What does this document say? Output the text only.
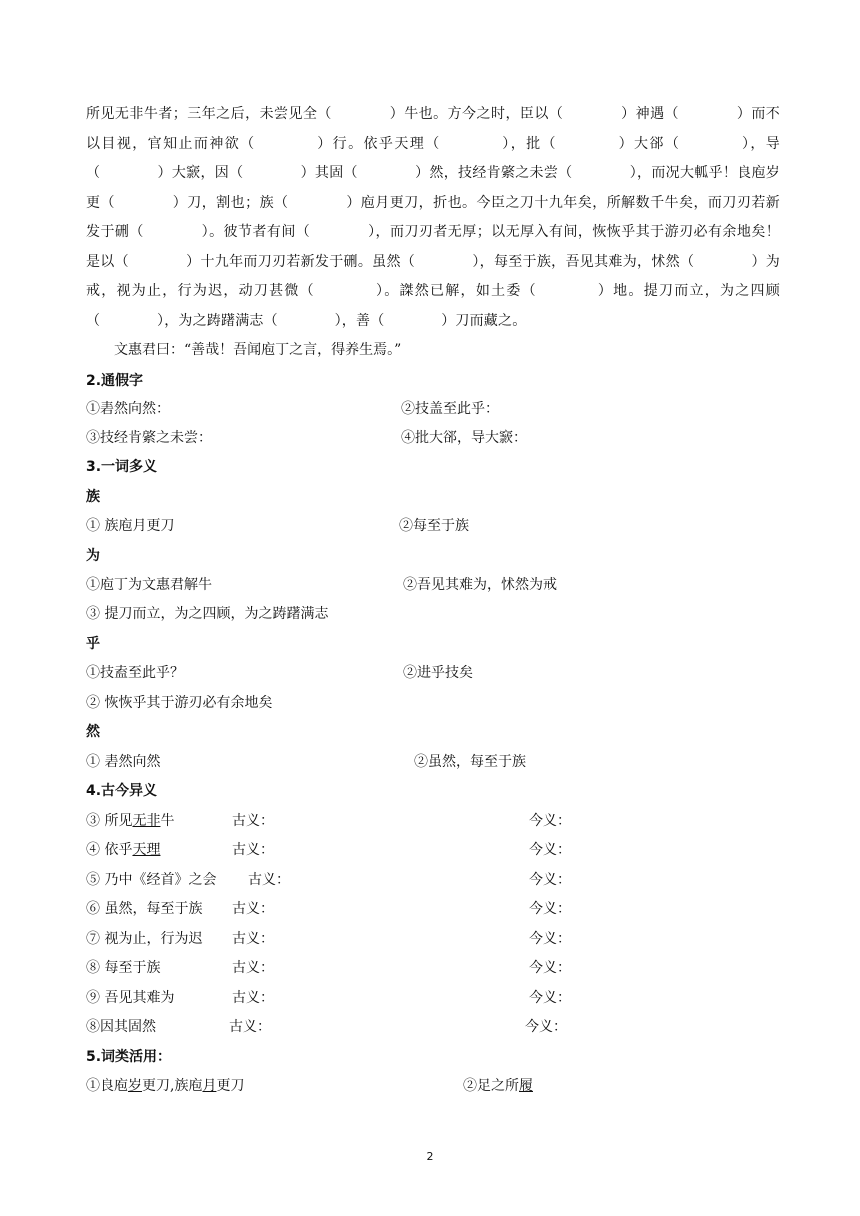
所见无非牛者；三年之后，未尝见全（　　　　）牛也。方今之时，臣以（　　　　）神遇（　　　　）而不以目视，官知止而神欲（　　　　）行。依乎天理（　　　　），批（　　　　）大郤（　　　　），导（　　　　）大窾，因（　　　　）其固（　　　　）然，技经肯綮之未尝（　　　　），而况大軱乎！良庖岁更（　　　　）刀，割也；族（　　　　）庖月更刀，折也。今臣之刀十九年矣，所解数千牛矣，而刀刃若新发于硎（　　　　）。彼节者有间（　　　　），而刀刃者无厚；以无厚入有间，恢恢乎其于游刃必有余地矣！是以（　　　　）十九年而刀刃若新发于硎。虽然（　　　　），每至于族，吾见其难为，怵然（　　　　）为戒，视为止，行为迟，动刀甚微（　　　　）。謋然已解，如土委（　　　　）地。提刀而立，为之四顾（　　　　），为之踌躇满志（　　　　），善（　　　　）刀而藏之。
文惠君曰：“善哉！吾闻庖丁之言，得养生焉。”
2.通假字
①砉然向然：	②技盖至此乎：
③技经肯綮之未尝：	④批大郤，导大窾：
3.一词多义
族
① 族庖月更刀	②每至于族
为
①庖丁为文惠君解牛	②吾见其难为，怵然为戒
③ 提刀而立，为之四顾，为之踌躇满志
乎
①技盍至此乎？	②进乎技矣
② 恢恢乎其于游刃必有余地矣
然
① 砉然向然	②虽然，每至于族
4.古今异义
③ 所见无非牛	古义：	今义：
④ 依乎天理	古义：	今义：
⑤ 乃中《经首》之会 古义：	今义：
⑥ 虽然，每至于族 古义：	今义：
⑦ 视为止，行为迟 古义：	今义：
⑧ 每至于族	古义：	今义：
⑨ 吾见其难为	古义：	今义：
⑧因其固然	古义：	今义：
5.词类活用：
①良庖岁更刀,族庖月更刀	②足之所履
2
